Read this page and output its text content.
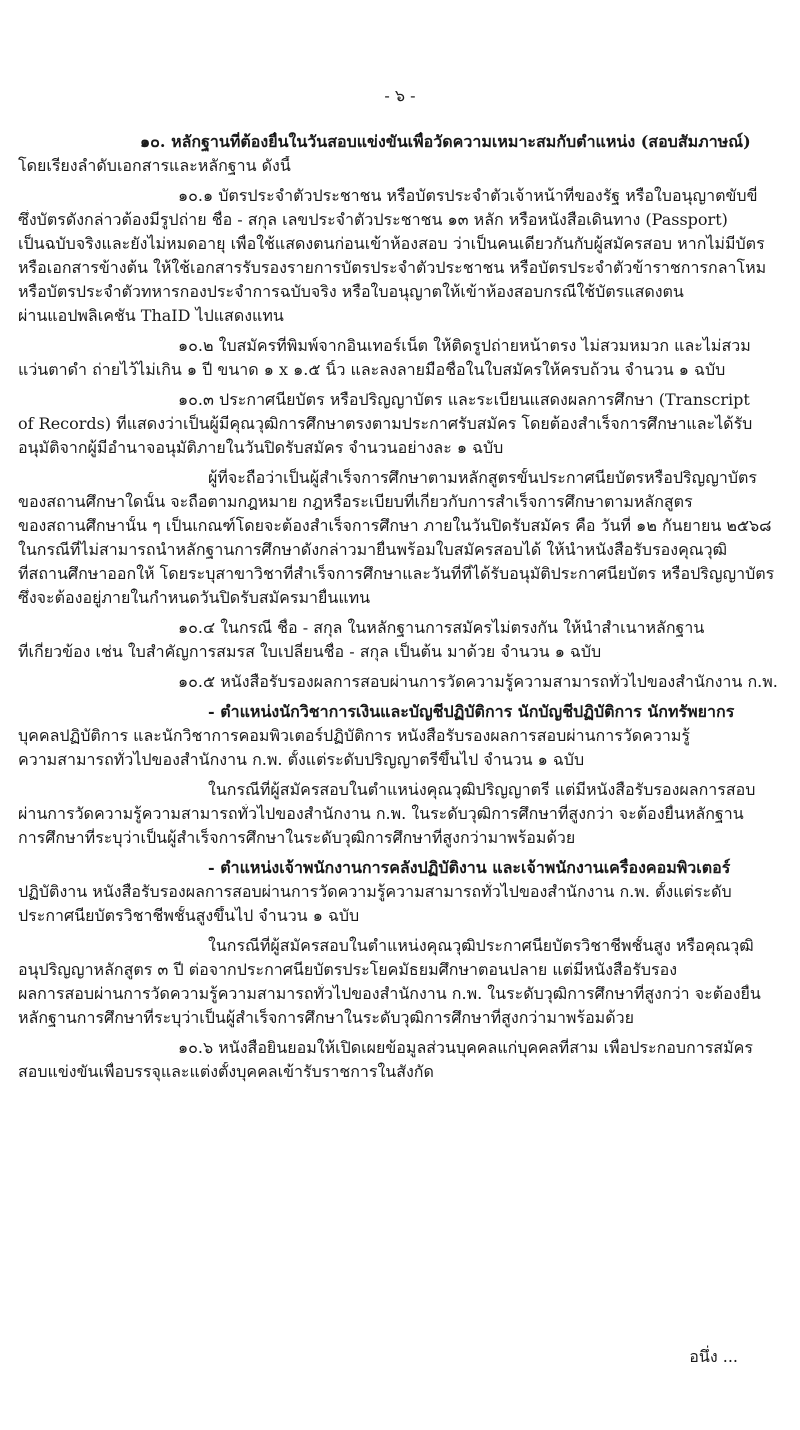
- ๖ -
๑๐. หลักฐานที่ต้องยื่นในวันสอบแข่งขันเพื่อวัดความเหมาะสมกับตำแหน่ง (สอบสัมภาษณ์)
โดยเรียงลำดับเอกสารและหลักฐาน ดังนี้
๑๐.๑ บัตรประจำตัวประชาชน หรือบัตรประจำตัวเจ้าหน้าที่ของรัฐ หรือใบอนุญาตขับขี่
ซึ่งบัตรดังกล่าวต้องมีรูปถ่าย ชื่อ - สกุล เลขประจำตัวประชาชน ๑๓ หลัก หรือหนังสือเดินทาง (Passport)
เป็นฉบับจริงและยังไม่หมดอายุ เพื่อใช้แสดงตนก่อนเข้าห้องสอบ ว่าเป็นคนเดียวกันกับผู้สมัครสอบ หากไม่มีบัตร
หรือเอกสารข้างต้น ให้ใช้เอกสารรับรองรายการบัตรประจำตัวประชาชน หรือบัตรประจำตัวข้าราชการกลาโหม
หรือบัตรประจำตัวทหารกองประจำการฉบับจริง หรือใบอนุญาตให้เข้าห้องสอบกรณีใช้บัตรแสดงตน
ผ่านแอปพลิเคชัน ThaID ไปแสดงแทน
๑๐.๒ ใบสมัครที่พิมพ์จากอินเทอร์เน็ต ให้ติดรูปถ่ายหน้าตรง ไม่สวมหมวก และไม่สวม
แว่นตาดำ ถ่ายไว้ไม่เกิน ๑ ปี ขนาด ๑ x ๑.๕ นิ้ว และลงลายมือชื่อในใบสมัครให้ครบถ้วน จำนวน ๑ ฉบับ
๑๐.๓ ประกาศนียบัตร หรือปริญญาบัตร และระเบียนแสดงผลการศึกษา (Transcript
of Records) ที่แสดงว่าเป็นผู้มีคุณวุฒิการศึกษาตรงตามประกาศรับสมัคร โดยต้องสำเร็จการศึกษาและได้รับ
อนุมัติจากผู้มีอำนาจอนุมัติภายในวันปิดรับสมัคร จำนวนอย่างละ ๑ ฉบับ
ผู้ที่จะถือว่าเป็นผู้สำเร็จการศึกษาตามหลักสูตรขั้นประกาศนียบัตรหรือปริญญาบัตร
ของสถานศึกษาใดนั้น จะถือตามกฎหมาย กฎหรือระเบียบที่เกี่ยวกับการสำเร็จการศึกษาตามหลักสูตร
ของสถานศึกษานั้น ๆ เป็นเกณฑ์โดยจะต้องสำเร็จการศึกษา ภายในวันปิดรับสมัคร คือ วันที่ ๑๒ กันยายน ๒๕๖๘
ในกรณีที่ไม่สามารถนำหลักฐานการศึกษาดังกล่าวมายื่นพร้อมใบสมัครสอบได้ ให้นำหนังสือรับรองคุณวุฒิ
ที่สถานศึกษาออกให้ โดยระบุสาขาวิชาที่สำเร็จการศึกษาและวันที่ที่ได้รับอนุมัติประกาศนียบัตร หรือปริญญาบัตร
ซึ่งจะต้องอยู่ภายในกำหนดวันปิดรับสมัครมายื่นแทน
๑๐.๔ ในกรณี ชื่อ - สกุล ในหลักฐานการสมัครไม่ตรงกัน ให้นำสำเนาหลักฐาน
ที่เกี่ยวข้อง เช่น ใบสำคัญการสมรส ใบเปลี่ยนชื่อ - สกุล เป็นต้น มาด้วย จำนวน ๑ ฉบับ
๑๐.๕ หนังสือรับรองผลการสอบผ่านการวัดความรู้ความสามารถทั่วไปของสำนักงาน ก.พ.
- ตำแหน่งนักวิชาการเงินและบัญชีปฏิบัติการ นักบัญชีปฏิบัติการ นักทรัพยากร
บุคคลปฏิบัติการ และนักวิชาการคอมพิวเตอร์ปฏิบัติการ หนังสือรับรองผลการสอบผ่านการวัดความรู้
ความสามารถทั่วไปของสำนักงาน ก.พ. ตั้งแต่ระดับปริญญาตรีขึ้นไป จำนวน ๑ ฉบับ
ในกรณีที่ผู้สมัครสอบในตำแหน่งคุณวุฒิปริญญาตรี แต่มีหนังสือรับรองผลการสอบ
ผ่านการวัดความรู้ความสามารถทั่วไปของสำนักงาน ก.พ. ในระดับวุฒิการศึกษาที่สูงกว่า จะต้องยื่นหลักฐาน
การศึกษาที่ระบุว่าเป็นผู้สำเร็จการศึกษาในระดับวุฒิการศึกษาที่สูงกว่ามาพร้อมด้วย
- ตำแหน่งเจ้าพนักงานการคลังปฏิบัติงาน และเจ้าพนักงานเครื่องคอมพิวเตอร์
ปฏิบัติงาน หนังสือรับรองผลการสอบผ่านการวัดความรู้ความสามารถทั่วไปของสำนักงาน ก.พ. ตั้งแต่ระดับ
ประกาศนียบัตรวิชาชีพชั้นสูงขึ้นไป จำนวน ๑ ฉบับ
ในกรณีที่ผู้สมัครสอบในตำแหน่งคุณวุฒิประกาศนียบัตรวิชาชีพชั้นสูง หรือคุณวุฒิ
อนุปริญญาหลักสูตร ๓ ปี ต่อจากประกาศนียบัตรประโยคมัธยมศึกษาตอนปลาย แต่มีหนังสือรับรอง
ผลการสอบผ่านการวัดความรู้ความสามารถทั่วไปของสำนักงาน ก.พ. ในระดับวุฒิการศึกษาที่สูงกว่า จะต้องยื่น
หลักฐานการศึกษาที่ระบุว่าเป็นผู้สำเร็จการศึกษาในระดับวุฒิการศึกษาที่สูงกว่ามาพร้อมด้วย
๑๐.๖ หนังสือยินยอมให้เปิดเผยข้อมูลส่วนบุคคลแก่บุคคลที่สาม เพื่อประกอบการสมัคร
สอบแข่งขันเพื่อบรรจุและแต่งตั้งบุคคลเข้ารับราชการในสังกัด
อนึ่ง ...
